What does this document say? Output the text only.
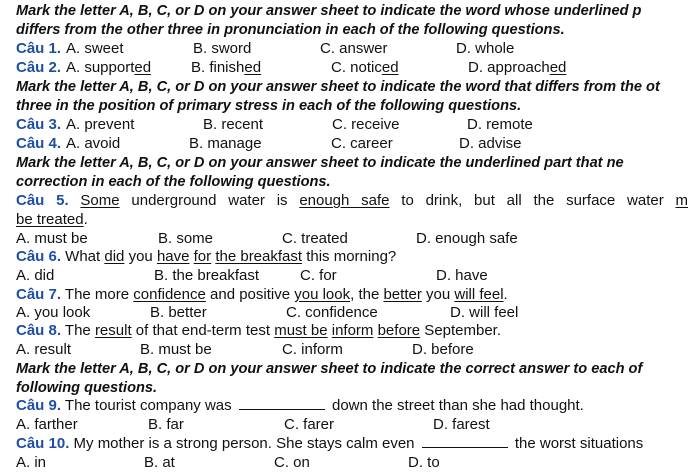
Mark the letter A, B, C, or D on your answer sheet to indicate the word whose underlined p
differs from the other three in pronunciation in each of the following questions.
Câu 1. A. sweet	B. sword	C. answer	D. whole
Câu 2. A. supported	B. finished	C. noticed	D. approached
Mark the letter A, B, C, or D on your answer sheet to indicate the word that differs from the ot
three in the position of primary stress in each of the following questions.
Câu 3. A. prevent	B. recent	C. receive	D. remote
Câu 4. A. avoid	B. manage	C. career	D. advise
Mark the letter A, B, C, or D on your answer sheet to indicate the underlined part that ne
correction in each of the following questions.
Câu 5. Some underground water is enough safe to drink, but all the surface water m
be treated.
A. must be	B. some	C. treated	D. enough safe
Câu 6. What did you have for the breakfast this morning?
A. did	B. the breakfast	C. for	D. have
Câu 7. The more confidence and positive you look, the better you will feel.
A. you look	B. better	C. confidence	D. will feel
Câu 8. The result of that end-term test must be inform before September.
A. result	B. must be	C. inform	D. before
Mark the letter A, B, C, or D on your answer sheet to indicate the correct answer to each of
following questions.
Câu 9. The tourist company was	down the street than she had thought.
A. farther	B. far	C. farer	D. farest
Câu 10. My mother is a strong person. She stays calm even	the worst situations
A. in	B. at	C. on	D. to
